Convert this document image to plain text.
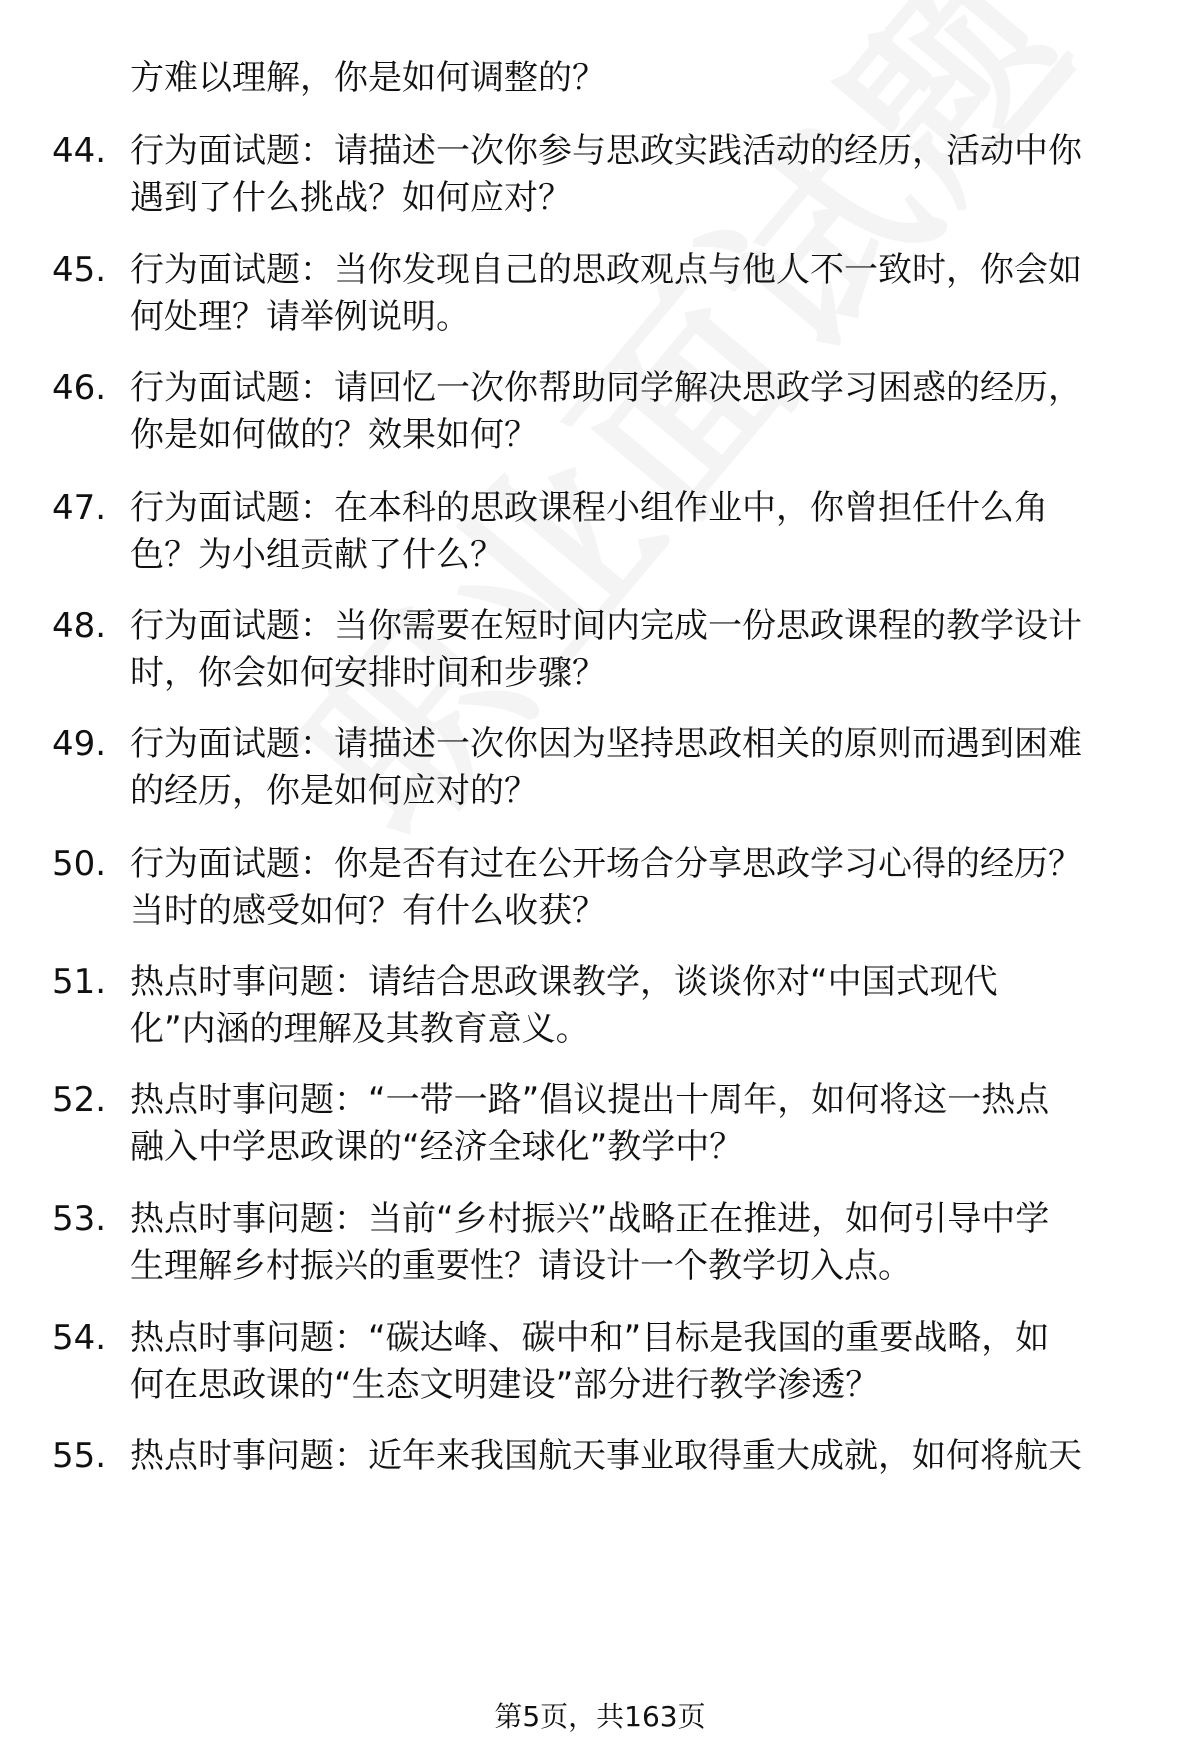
方难以理解，你是如何调整的？
44. 行为面试题：请描述一次你参与思政实践活动的经历，活动中你
遇到了什么挑战？如何应对？
45. 行为面试题：当你发现自己的思政观点与他人不一致时，你会如
何处理？请举例说明。
46. 行为面试题：请回忆一次你帮助同学解决思政学习困惑的经历，
你是如何做的？效果如何？
47. 行为面试题：在本科的思政课程小组作业中，你曾担任什么角
色？为小组贡献了什么？
48. 行为面试题：当你需要在短时间内完成一份思政课程的教学设计
时，你会如何安排时间和步骤？
49. 行为面试题：请描述一次你因为坚持思政相关的原则而遇到困难
的经历，你是如何应对的？
50. 行为面试题：你是否有过在公开场合分享思政学习心得的经历？
当时的感受如何？有什么收获？
51. 热点时事问题：请结合思政课教学，谈谈你对“中国式现代
化”内涵的理解及其教育意义。
52. 热点时事问题：“一带一路”倡议提出十周年，如何将这一热点
融入中学思政课的“经济全球化”教学中？
53. 热点时事问题：当前“乡村振兴”战略正在推进，如何引导中学
生理解乡村振兴的重要性？请设计一个教学切入点。
54. 热点时事问题：“碳达峰、碳中和”目标是我国的重要战略，如
何在思政课的“生态文明建设”部分进行教学渗透？
55. 热点时事问题：近年来我国航天事业取得重大成就，如何将航天
第5页，共163页
